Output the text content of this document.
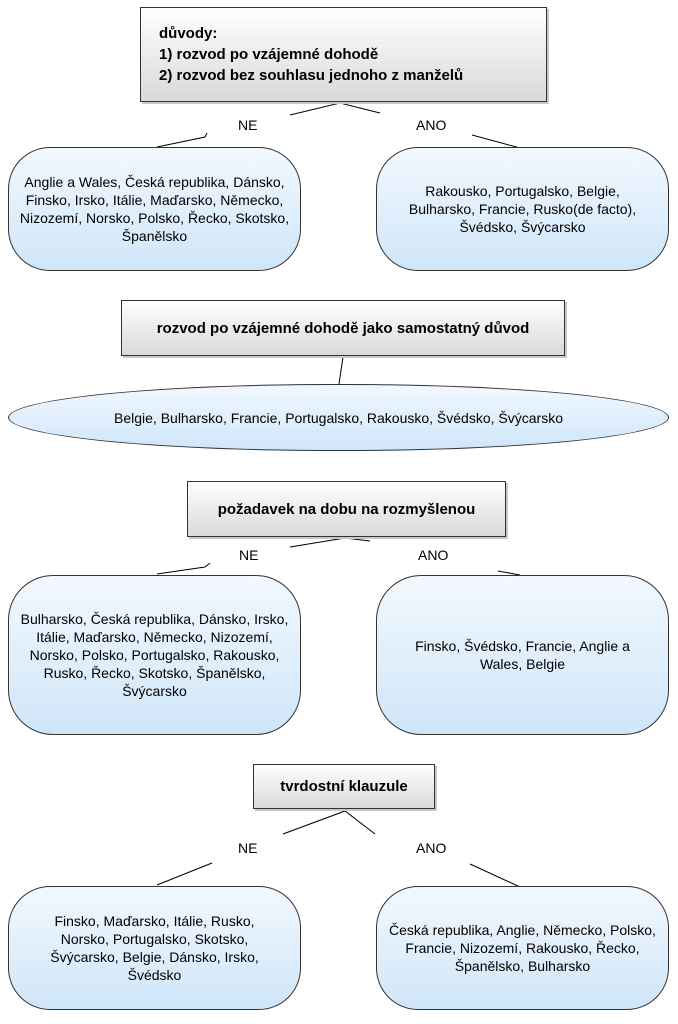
důvody:
1) rozvod po vzájemné dohodě
2) rozvod bez souhlasu jednoho z manželů
NE	ANO
Anglie a Wales, Česká republika, Dánsko, Finsko, Irsko, Itálie, Maďarsko, Německo, Nizozemí, Norsko, Polsko, Řecko, Skotsko, Španělsko
Rakousko, Portugalsko, Belgie, Bulharsko, Francie, Rusko(de facto), Švédsko, Švýcarsko
rozvod po vzájemné dohodě jako samostatný důvod
Belgie, Bulharsko, Francie, Portugalsko, Rakousko, Švédsko, Švýcarsko
požadavek na dobu na rozmyšlenou
NE	ANO
Bulharsko, Česká republika, Dánsko, Irsko, Itálie, Maďarsko, Německo, Nizozemí, Norsko, Polsko, Portugalsko, Rakousko, Rusko, Řecko, Skotsko, Španělsko, Švýcarsko
Finsko, Švédsko, Francie, Anglie a Wales, Belgie
tvrdostní klauzule
NE	ANO
Finsko, Maďarsko, Itálie, Rusko, Norsko, Portugalsko, Skotsko, Švýcarsko, Belgie, Dánsko, Irsko, Švédsko
Česká republika, Anglie, Německo, Polsko, Francie, Nizozemí, Rakousko, Řecko, Španělsko, Bulharsko
